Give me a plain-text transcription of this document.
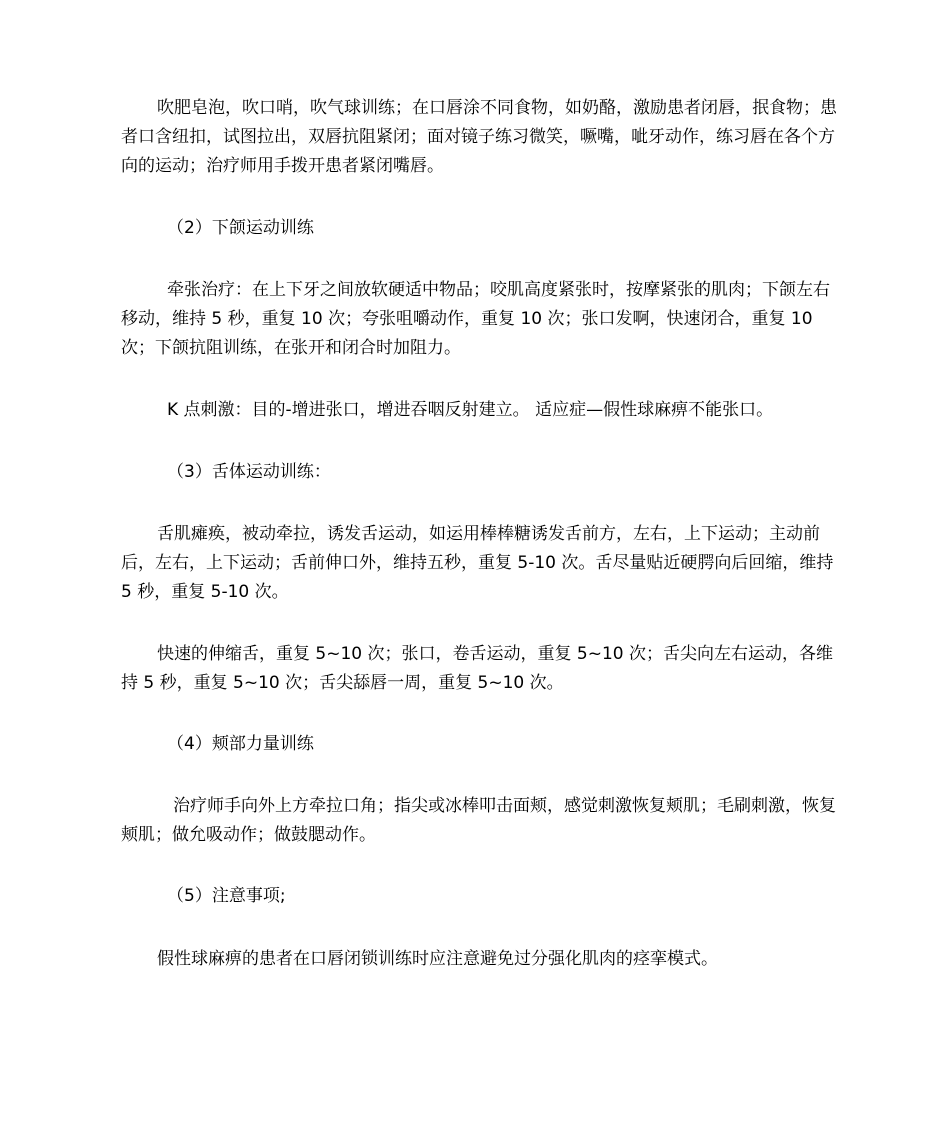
吹肥皂泡，吹口哨，吹气球训练；在口唇涂不同食物，如奶酪，激励患者闭唇，抿食物；患者口含纽扣，试图拉出，双唇抗阻紧闭；面对镜子练习微笑，噘嘴，呲牙动作，练习唇在各个方向的运动；治疗师用手拨开患者紧闭嘴唇。

（2）下颌运动训练

牵张治疗：在上下牙之间放软硬适中物品；咬肌高度紧张时，按摩紧张的肌肉；下颌左右移动，维持 5 秒，重复 10 次；夸张咀嚼动作，重复 10 次；张口发啊，快速闭合，重复 10 次；下颌抗阻训练，在张开和闭合时加阻力。

K 点刺激：目的-增进张口，增进吞咽反射建立。 适应症—假性球麻痹不能张口。

（3）舌体运动训练：

舌肌瘫痪，被动牵拉，诱发舌运动，如运用棒棒糖诱发舌前方，左右，上下运动；主动前后，左右，上下运动；舌前伸口外，维持五秒，重复 5-10 次。舌尽量贴近硬腭向后回缩，维持 5 秒，重复 5-10 次。

快速的伸缩舌，重复 5~10 次；张口，卷舌运动，重复 5~10 次；舌尖向左右运动，各维持 5 秒，重复 5~10 次；舌尖舔唇一周，重复 5~10 次。

（4）颊部力量训练

治疗师手向外上方牵拉口角；指尖或冰棒叩击面颊，感觉刺激恢复颊肌；毛刷刺激，恢复颊肌；做允吸动作；做鼓腮动作。

（5）注意事项;

假性球麻痹的患者在口唇闭锁训练时应注意避免过分强化肌肉的痉挛模式。
